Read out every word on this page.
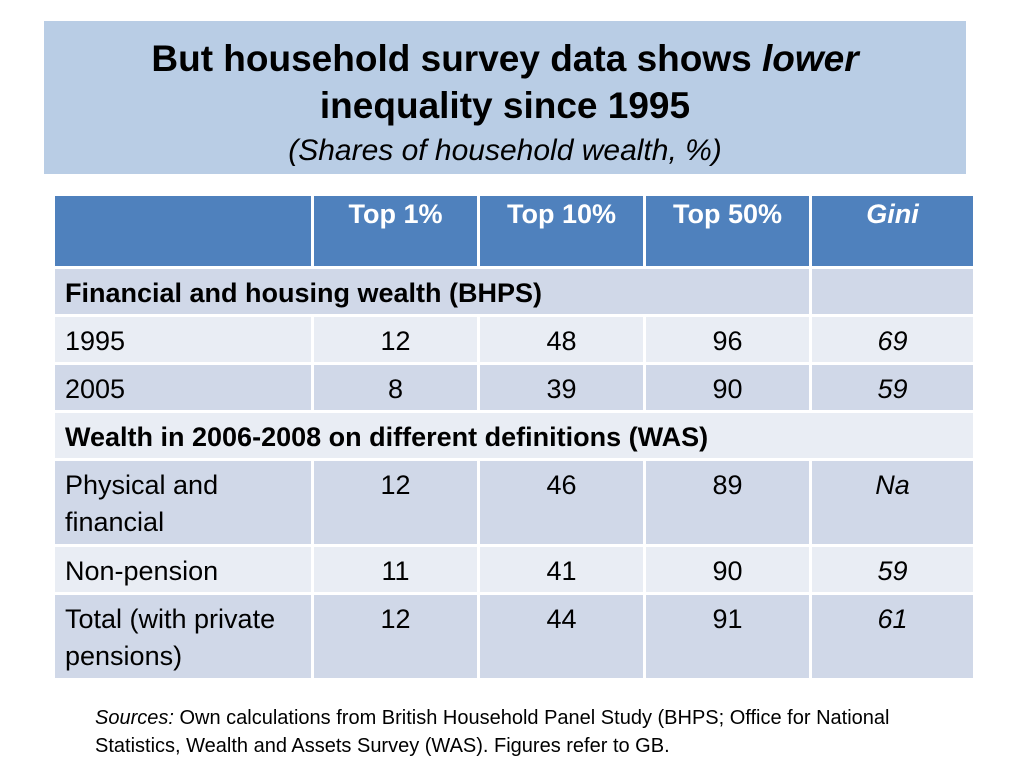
But household survey data shows lower
inequality since 1995
(Shares of household wealth, %)
	Top 1%	Top 10%	Top 50%	Gini
Financial and housing wealth (BHPS)				
1995	12	48	96	69
2005	8	39	90	59
Wealth in 2006-2008 on different definitions (WAS)				
Physical and financial	12	46	89	Na
Non-pension	11	41	90	59
Total (with private pensions)	12	44	91	61
Sources: Own calculations from British Household Panel Study (BHPS; Office for National Statistics, Wealth and Assets Survey (WAS). Figures refer to GB.
